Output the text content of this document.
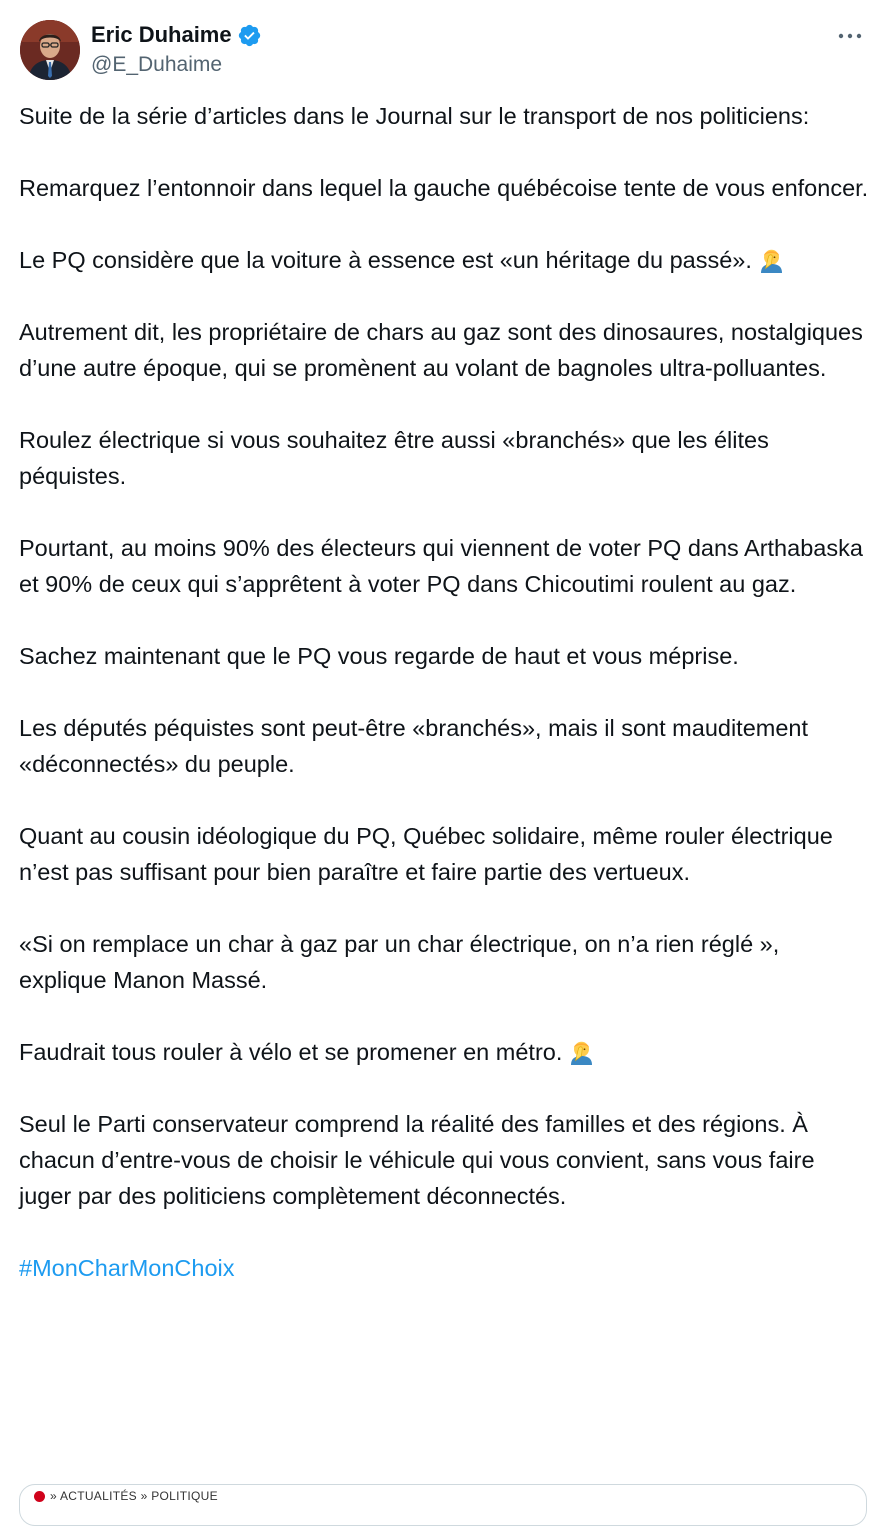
Eric Duhaime
@E_Duhaime

Suite de la série d’articles dans le Journal sur le transport de nos politiciens:

Remarquez l’entonnoir dans lequel la gauche québécoise tente de vous enfoncer.

Le PQ considère que la voiture à essence est «un héritage du passé».

Autrement dit, les propriétaire de chars au gaz sont des dinosaures, nostalgiques d’une autre époque, qui se promènent au volant de bagnoles ultra-polluantes.

Roulez électrique si vous souhaitez être aussi «branchés» que les élites péquistes.

Pourtant, au moins 90% des électeurs qui viennent de voter PQ dans Arthabaska et 90% de ceux qui s’apprêtent à voter PQ dans Chicoutimi roulent au gaz.

Sachez maintenant que le PQ vous regarde de haut et vous méprise.

Les députés péquistes sont peut-être «branchés», mais il sont mauditement «déconnectés» du peuple.

Quant au cousin idéologique du PQ, Québec solidaire, même rouler électrique n’est pas suffisant pour bien paraître et faire partie des vertueux.

«Si on remplace un char à gaz par un char électrique, on n’a rien réglé », explique Manon Massé.

Faudrait tous rouler à vélo et se promener en métro.

Seul le Parti conservateur comprend la réalité des familles et des régions. À chacun d’entre-vous de choisir le véhicule qui vous convient, sans vous faire juger par des politiciens complètement déconnectés.

#MonCharMonChoix

» ACTUALITÉS » POLITIQUE
